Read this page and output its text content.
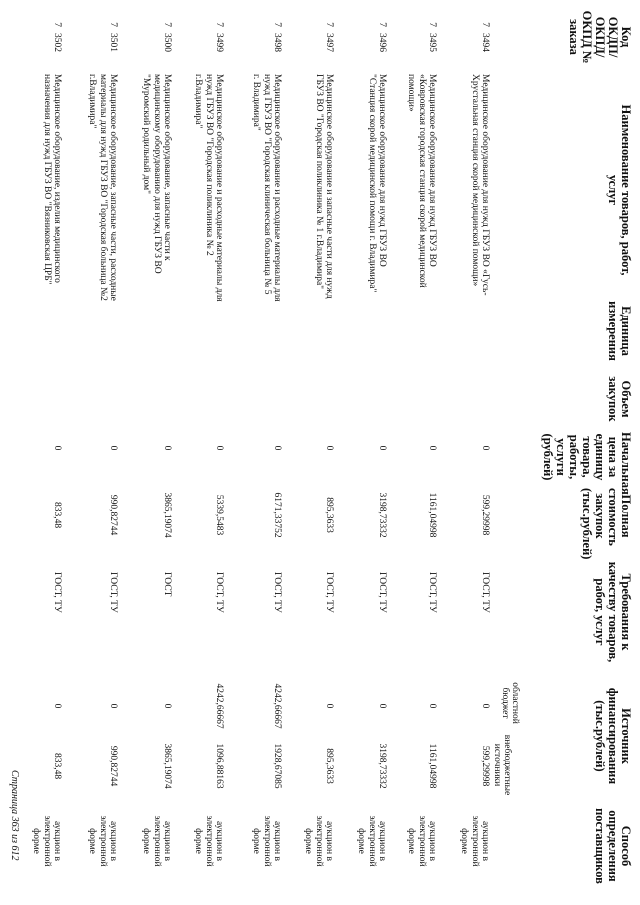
Код ОКДП/ ОКПД/ ОКПД № заказа
Наименование товаров, работ, услуг
Единица измерения
Объем закупок
Начальная цена за единицу товара, работы, услуги (рублей)
Полная стоимость закупок (тыс.рублей)
Требования к качеству товаров, работ, услуг
Источник финансирования (тыс.рублей)
областной бюджет
внебюджетные источники
Способ определения поставщиков
73494
Медицинское оборудование для нужд ГБУЗ ВО «Гусь-Хрустальная станция скорой медицинской помощи»
0
599,29998
ГОСТ, ТУ
0
599,29998
аукцион в электронной форме
73495
Медицинское оборудование для нужд ГБУЗ ВО «Ковровская городская станция скорой медицинской помощи»
0
1161,04998
ГОСТ, ТУ
0
1161,04998
аукцион в электронной форме
73496
Медицинское оборудование для нужд ГБУЗ ВО "Станция скорой медицинской помощи г. Владимира"
0
3198,73332
ГОСТ, ТУ
0
3198,73332
аукцион в электронной форме
73497
Медицинское оборудование и запасные части для нужд ГБУЗ ВО "Городская поликлиника № 1 г.Владимира"
0
895,3633
ГОСТ, ТУ
0
895,3633
аукцион в электронной форме
73498
Медицинское оборудование и расходные материалы для нужд ГБУЗ ВО "Городская клиническая больница № 5 г. Владимира"
0
6171,33752
ГОСТ, ТУ
4242,66667
1928,67085
аукцион в электронной форме
73499
Медицинское оборудование и расходные материалы для нужд ГБУЗ ВО "Городская поликлиника № 2 г.Владимира"
0
5339,5483
ГОСТ, ТУ
4242,66667
1096,88163
аукцион в электронной форме
73500
Медицинское оборудование, запасные части к медицинскому оборудованию для нужд ГБУЗ ВО "Муромский родильный дом"
0
3865,19074
ГОСТ
0
3865,19074
аукцион в электронной форме
73501
Медицинское оборудование, запасные части, расходные материалы для нужд ГБУЗ ВО "Городская больница №2 г.Владимира"
0
990,82744
ГОСТ, ТУ
0
990,82744
аукцион в электронной форме
73502
Медицинское оборудование, изделия медицинского назначения для нужд ГБУЗ ВО "Вязниковская ЦРБ"
0
833,48
ГОСТ, ТУ
0
833,48
аукцион в электронной форме
Страница 363 из 612
